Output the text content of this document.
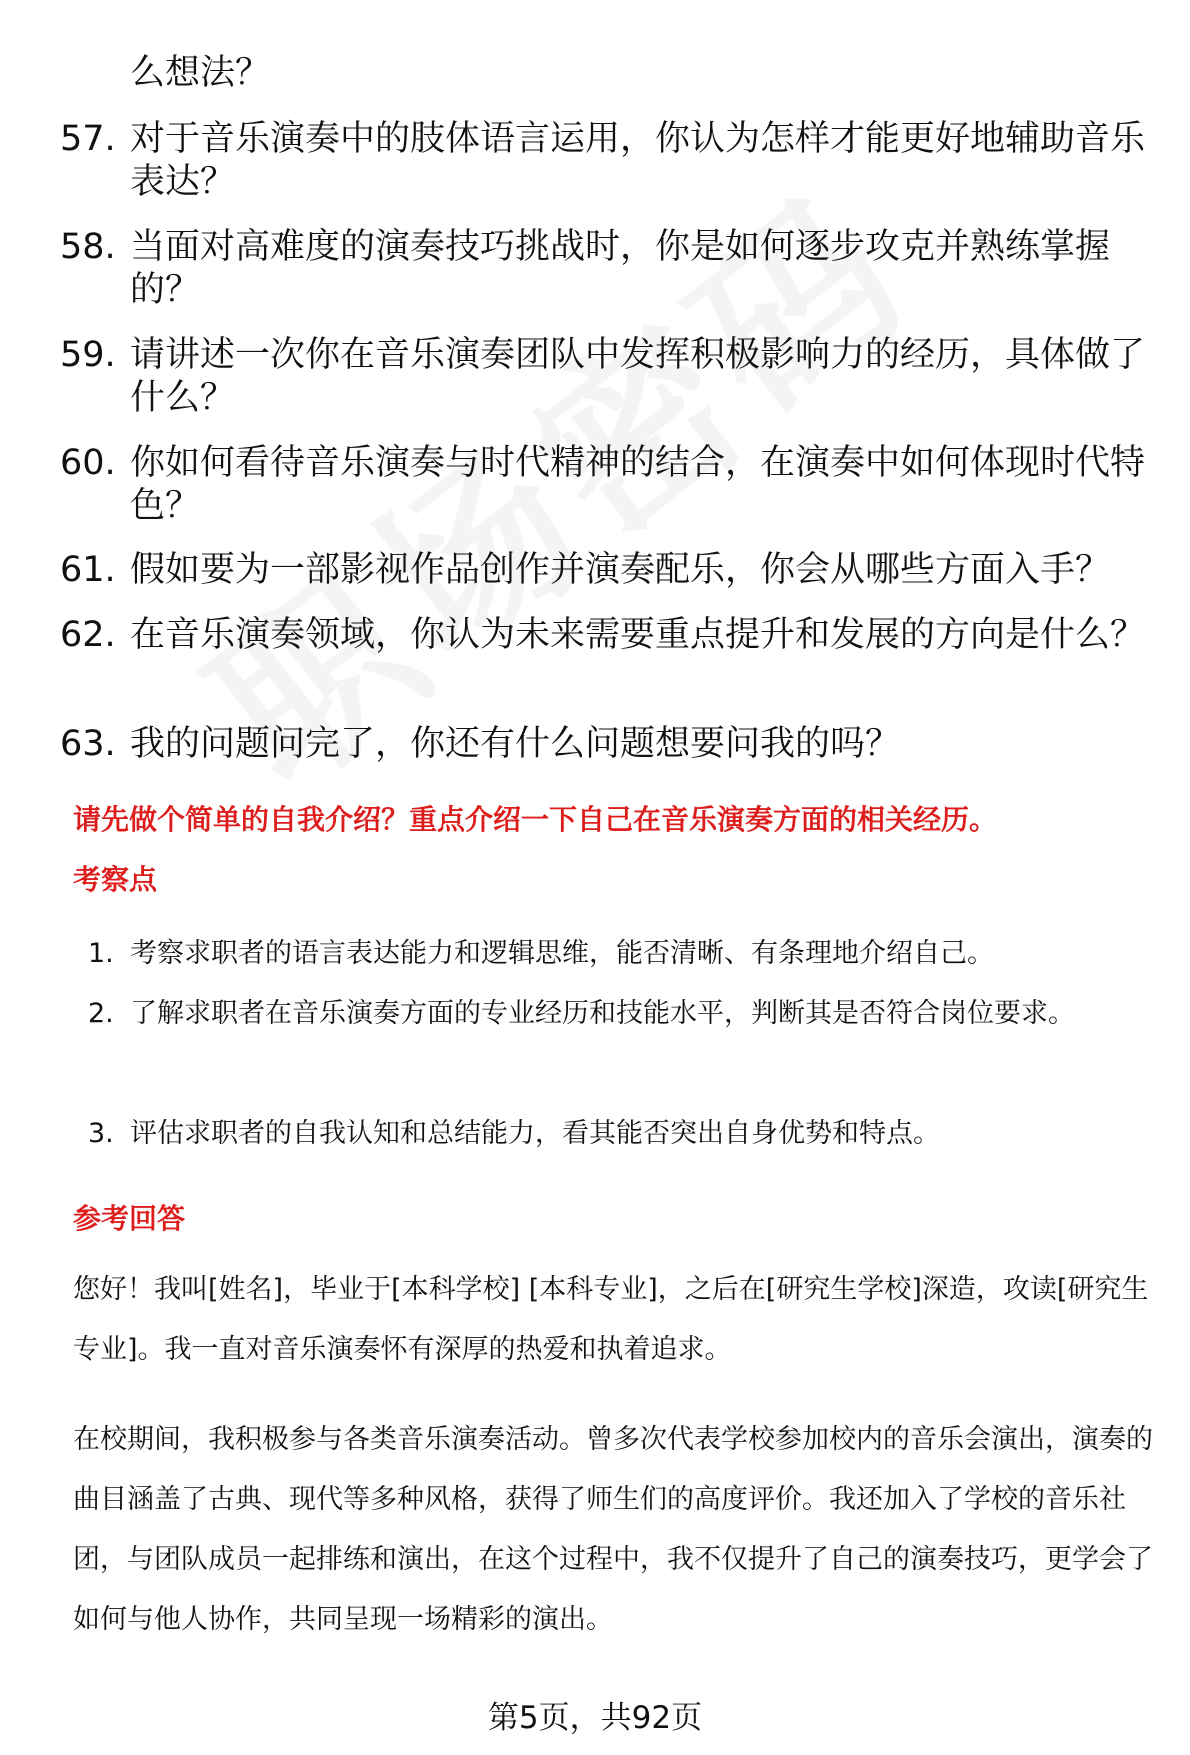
么想法？
57. 对于音乐演奏中的肢体语言运用，你认为怎样才能更好地辅助音乐表达？
58. 当面对高难度的演奏技巧挑战时，你是如何逐步攻克并熟练掌握的？
59. 请讲述一次你在音乐演奏团队中发挥积极影响力的经历，具体做了什么？
60. 你如何看待音乐演奏与时代精神的结合，在演奏中如何体现时代特色？
61. 假如要为一部影视作品创作并演奏配乐，你会从哪些方面入手？
62. 在音乐演奏领域，你认为未来需要重点提升和发展的方向是什么？
63. 我的问题问完了，你还有什么问题想要问我的吗？
请先做个简单的自我介绍？重点介绍一下自己在音乐演奏方面的相关经历。
考察点
1. 考察求职者的语言表达能力和逻辑思维，能否清晰、有条理地介绍自己。
2. 了解求职者在音乐演奏方面的专业经历和技能水平，判断其是否符合岗位要求。
3. 评估求职者的自我认知和总结能力，看其能否突出自身优势和特点。
参考回答
您好！我叫[姓名]，毕业于[本科学校] [本科专业]，之后在[研究生学校]深造，攻读[研究生专业]。我一直对音乐演奏怀有深厚的热爱和执着追求。
在校期间，我积极参与各类音乐演奏活动。曾多次代表学校参加校内的音乐会演出，演奏的曲目涵盖了古典、现代等多种风格，获得了师生们的高度评价。我还加入了学校的音乐社团，与团队成员一起排练和演出，在这个过程中，我不仅提升了自己的演奏技巧，更学会了如何与他人协作，共同呈现一场精彩的演出。
第5页，共92页
